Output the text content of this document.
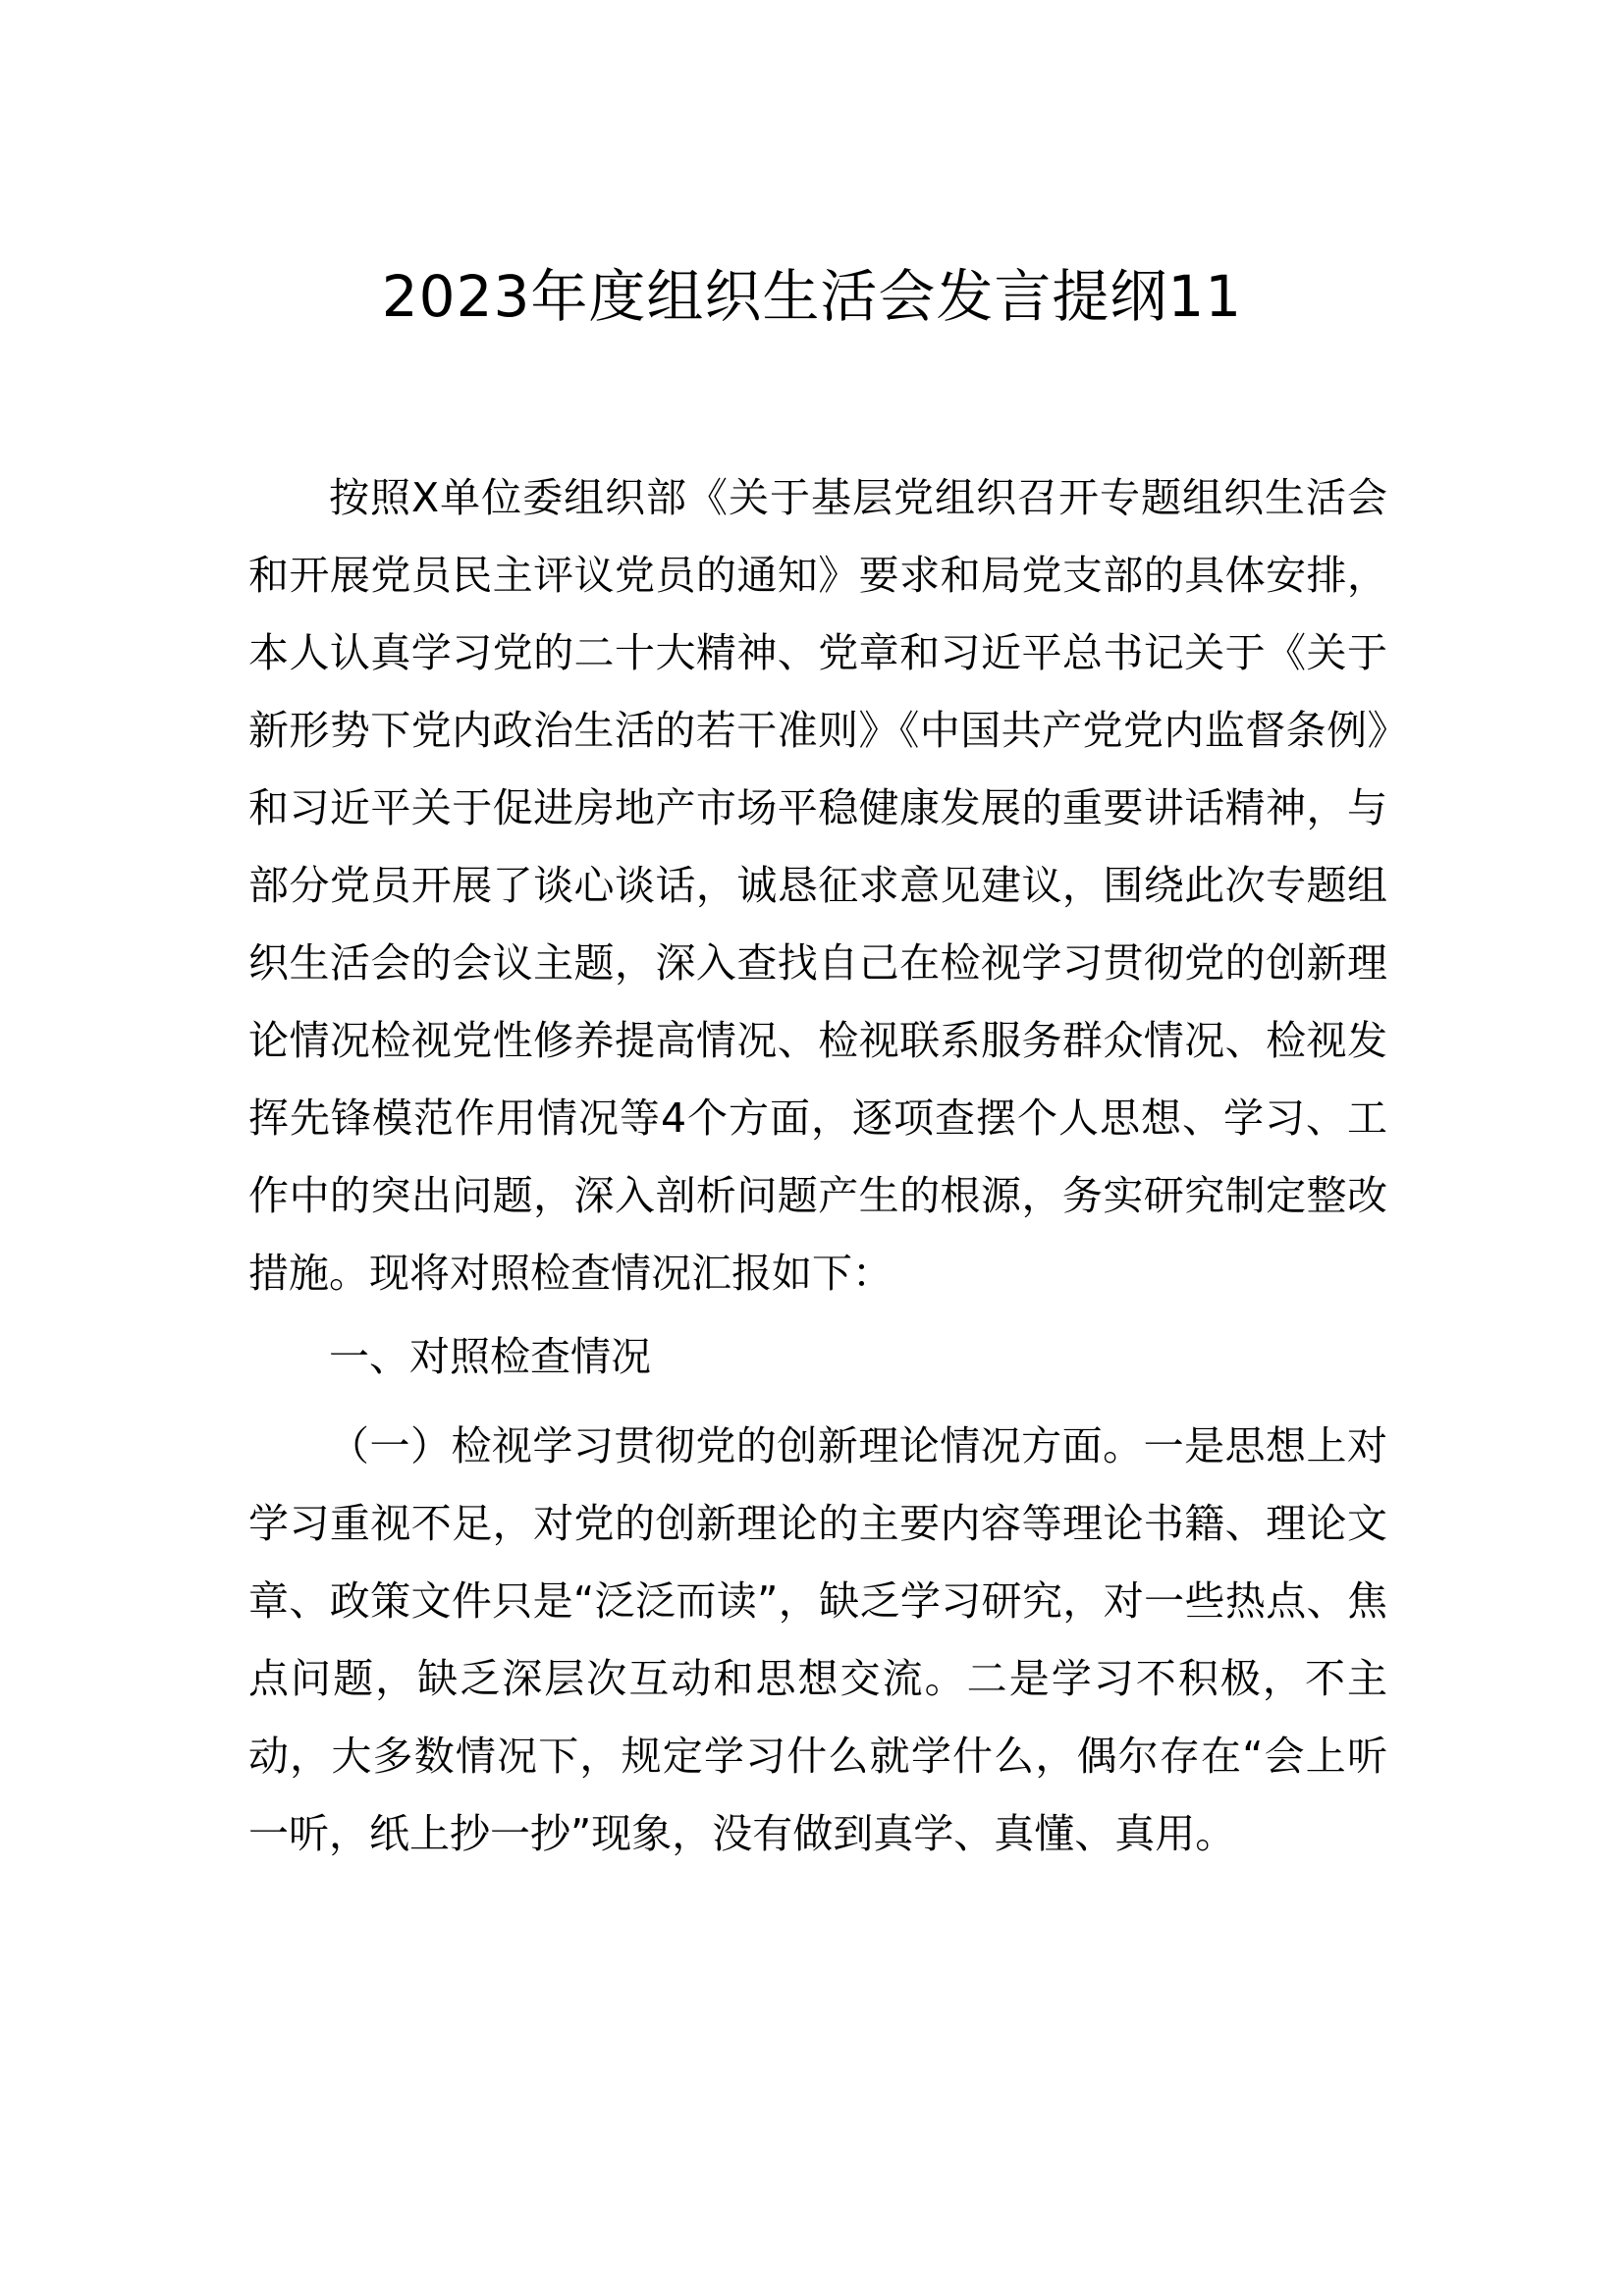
2023年度组织生活会发言提纲11

按照X单位委组织部《关于基层党组织召开专题组织生活会和开展党员民主评议党员的通知》要求和局党支部的具体安排，本人认真学习党的二十大精神、党章和习近平总书记关于《关于新形势下党内政治生活的若干准则》《中国共产党党内监督条例》和习近平关于促进房地产市场平稳健康发展的重要讲话精神，与部分党员开展了谈心谈话，诚恳征求意见建议，围绕此次专题组织生活会的会议主题，深入查找自己在检视学习贯彻党的创新理论情况检视党性修养提高情况、检视联系服务群众情况、检视发挥先锋模范作用情况等4个方面，逐项查摆个人思想、学习、工作中的突出问题，深入剖析问题产生的根源，务实研究制定整改措施。现将对照检查情况汇报如下：

一、对照检查情况

（一）检视学习贯彻党的创新理论情况方面。一是思想上对学习重视不足，对党的创新理论的主要内容等理论书籍、理论文章、政策文件只是“泛泛而读”，缺乏学习研究，对一些热点、焦点问题，缺乏深层次互动和思想交流。二是学习不积极，不主动，大多数情况下，规定学习什么就学什么，偶尔存在“会上听一听，纸上抄一抄”现象，没有做到真学、真懂、真用。
